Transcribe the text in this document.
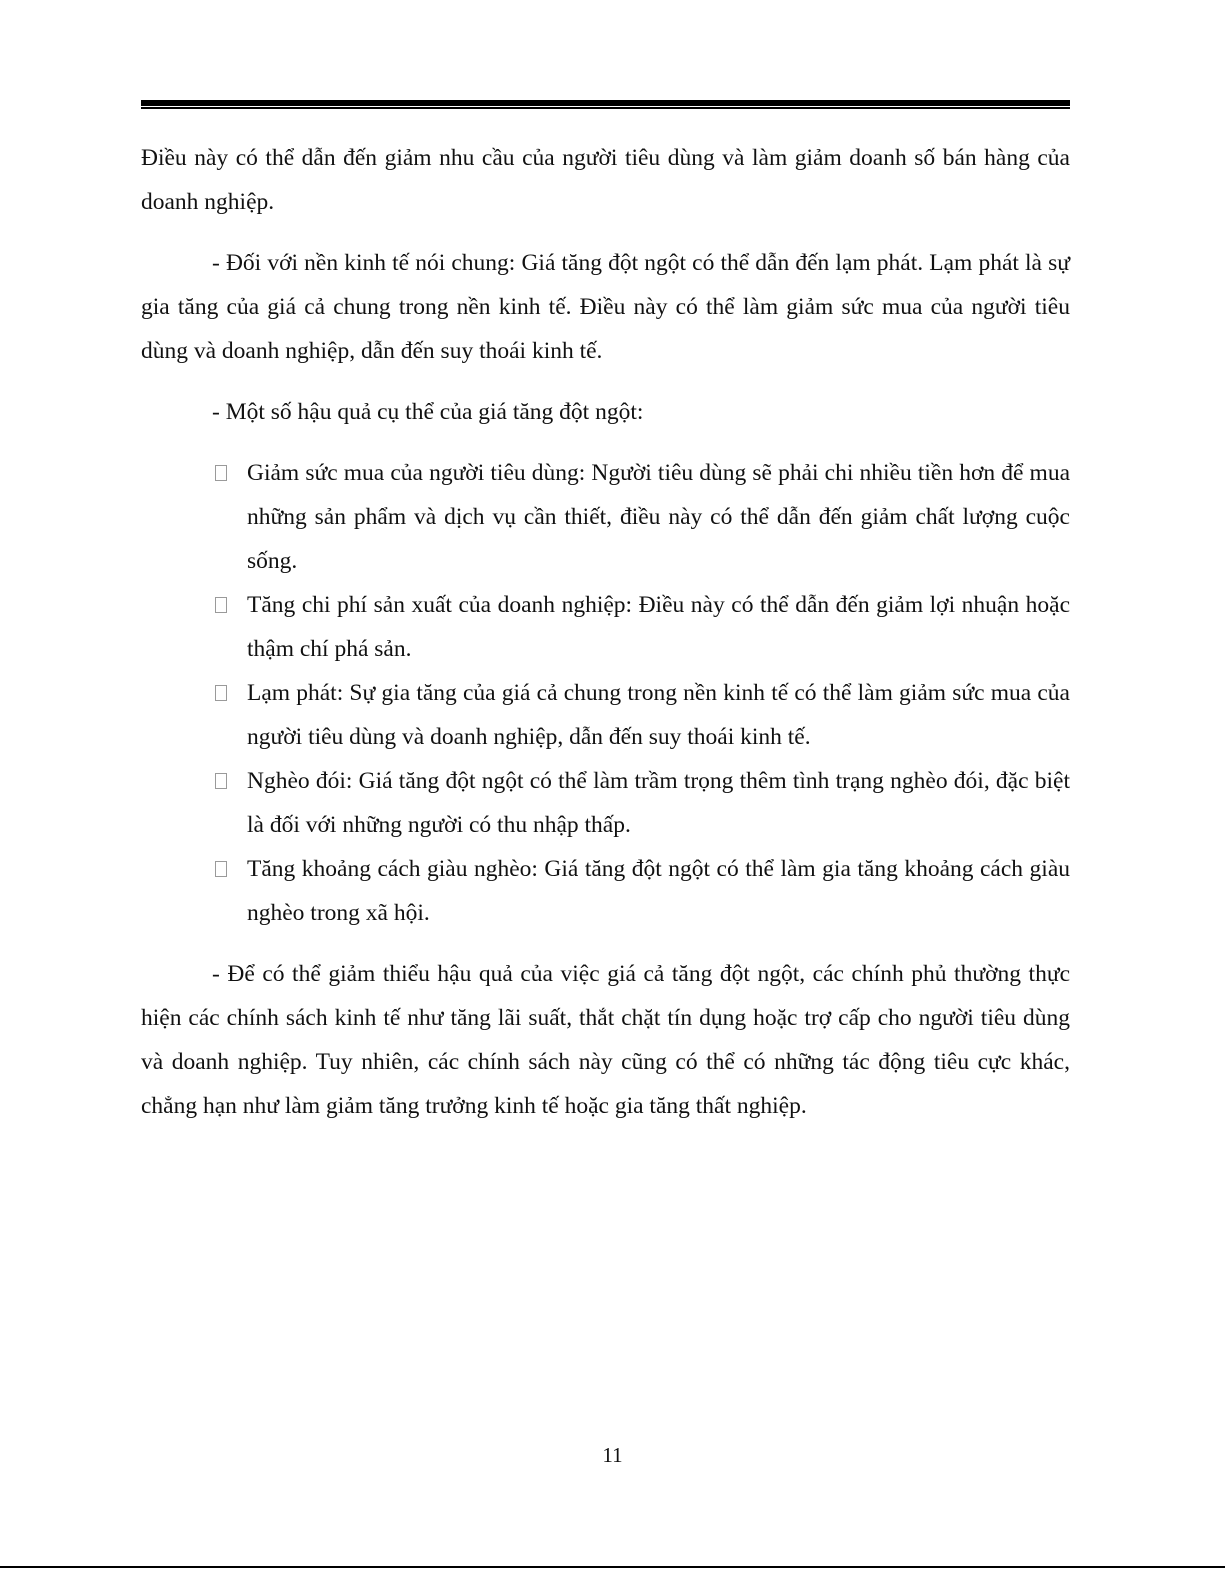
Điều này có thể dẫn đến giảm nhu cầu của người tiêu dùng và làm giảm doanh số bán hàng của doanh nghiệp.

- Đối với nền kinh tế nói chung: Giá tăng đột ngột có thể dẫn đến lạm phát. Lạm phát là sự gia tăng của giá cả chung trong nền kinh tế. Điều này có thể làm giảm sức mua của người tiêu dùng và doanh nghiệp, dẫn đến suy thoái kinh tế.

- Một số hậu quả cụ thể của giá tăng đột ngột:

Giảm sức mua của người tiêu dùng: Người tiêu dùng sẽ phải chi nhiều tiền hơn để mua những sản phẩm và dịch vụ cần thiết, điều này có thể dẫn đến giảm chất lượng cuộc sống.
Tăng chi phí sản xuất của doanh nghiệp: Điều này có thể dẫn đến giảm lợi nhuận hoặc thậm chí phá sản.
Lạm phát: Sự gia tăng của giá cả chung trong nền kinh tế có thể làm giảm sức mua của người tiêu dùng và doanh nghiệp, dẫn đến suy thoái kinh tế.
Nghèo đói: Giá tăng đột ngột có thể làm trầm trọng thêm tình trạng nghèo đói, đặc biệt là đối với những người có thu nhập thấp.
Tăng khoảng cách giàu nghèo: Giá tăng đột ngột có thể làm gia tăng khoảng cách giàu nghèo trong xã hội.

- Để có thể giảm thiểu hậu quả của việc giá cả tăng đột ngột, các chính phủ thường thực hiện các chính sách kinh tế như tăng lãi suất, thắt chặt tín dụng hoặc trợ cấp cho người tiêu dùng và doanh nghiệp. Tuy nhiên, các chính sách này cũng có thể có những tác động tiêu cực khác, chẳng hạn như làm giảm tăng trưởng kinh tế hoặc gia tăng thất nghiệp.

11
